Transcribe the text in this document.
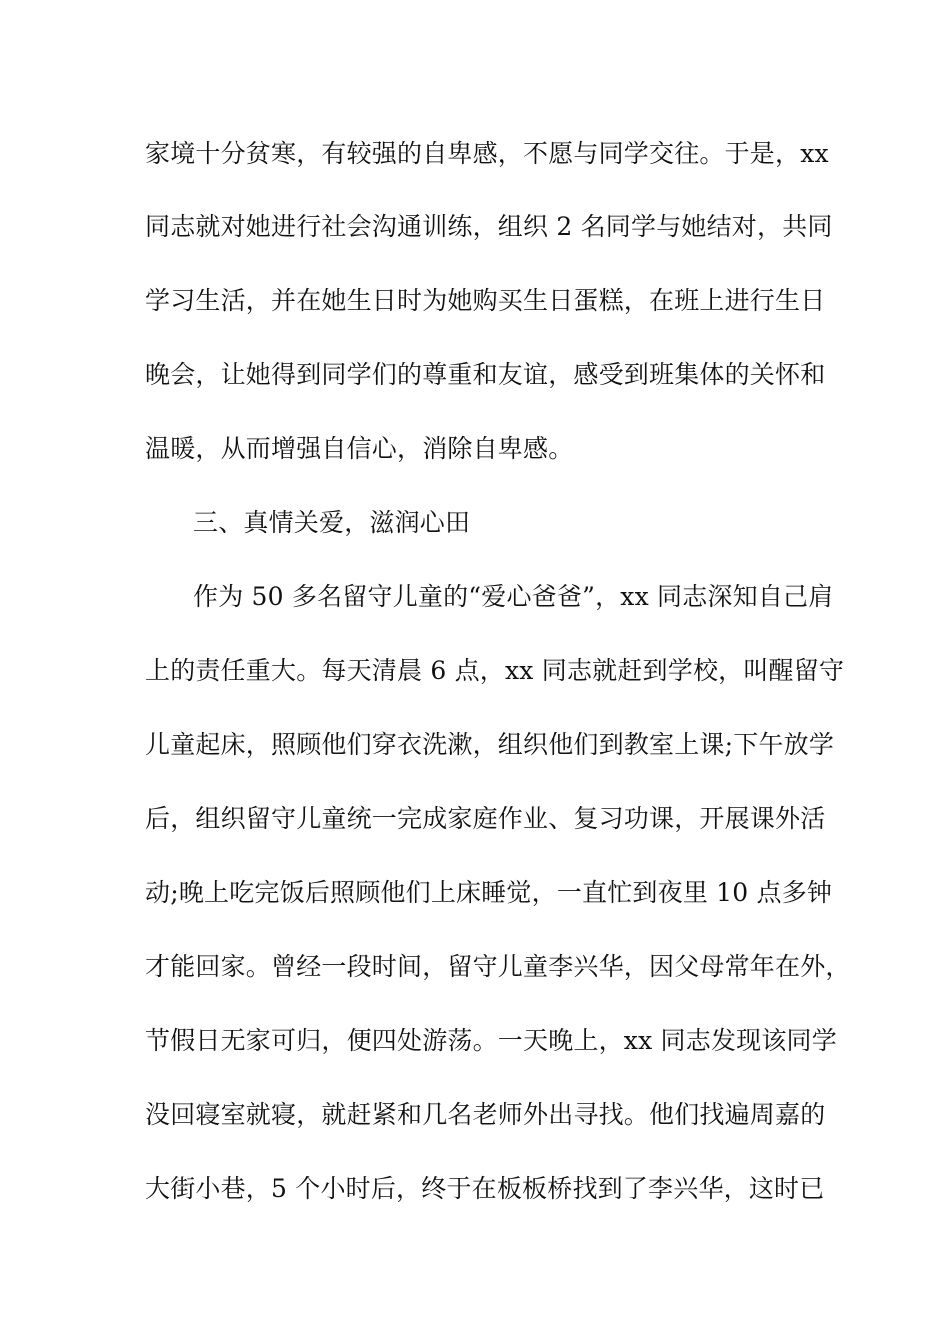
家境十分贫寒，有较强的自卑感，不愿与同学交往。于是，xx
同志就对她进行社会沟通训练，组织 2 名同学与她结对，共同
学习生活，并在她生日时为她购买生日蛋糕，在班上进行生日
晚会，让她得到同学们的尊重和友谊，感受到班集体的关怀和
温暖，从而增强自信心，消除自卑感。
三、真情关爱，滋润心田
作为 50 多名留守儿童的“爱心爸爸”，xx 同志深知自己肩
上的责任重大。每天清晨 6 点，xx 同志就赶到学校，叫醒留守
儿童起床，照顾他们穿衣洗漱，组织他们到教室上课;下午放学
后，组织留守儿童统一完成家庭作业、复习功课，开展课外活
动;晚上吃完饭后照顾他们上床睡觉，一直忙到夜里 10 点多钟
才能回家。曾经一段时间，留守儿童李兴华，因父母常年在外，
节假日无家可归，便四处游荡。一天晚上，xx 同志发现该同学
没回寝室就寝，就赶紧和几名老师外出寻找。他们找遍周嘉的
大街小巷，5 个小时后，终于在板板桥找到了李兴华，这时已
